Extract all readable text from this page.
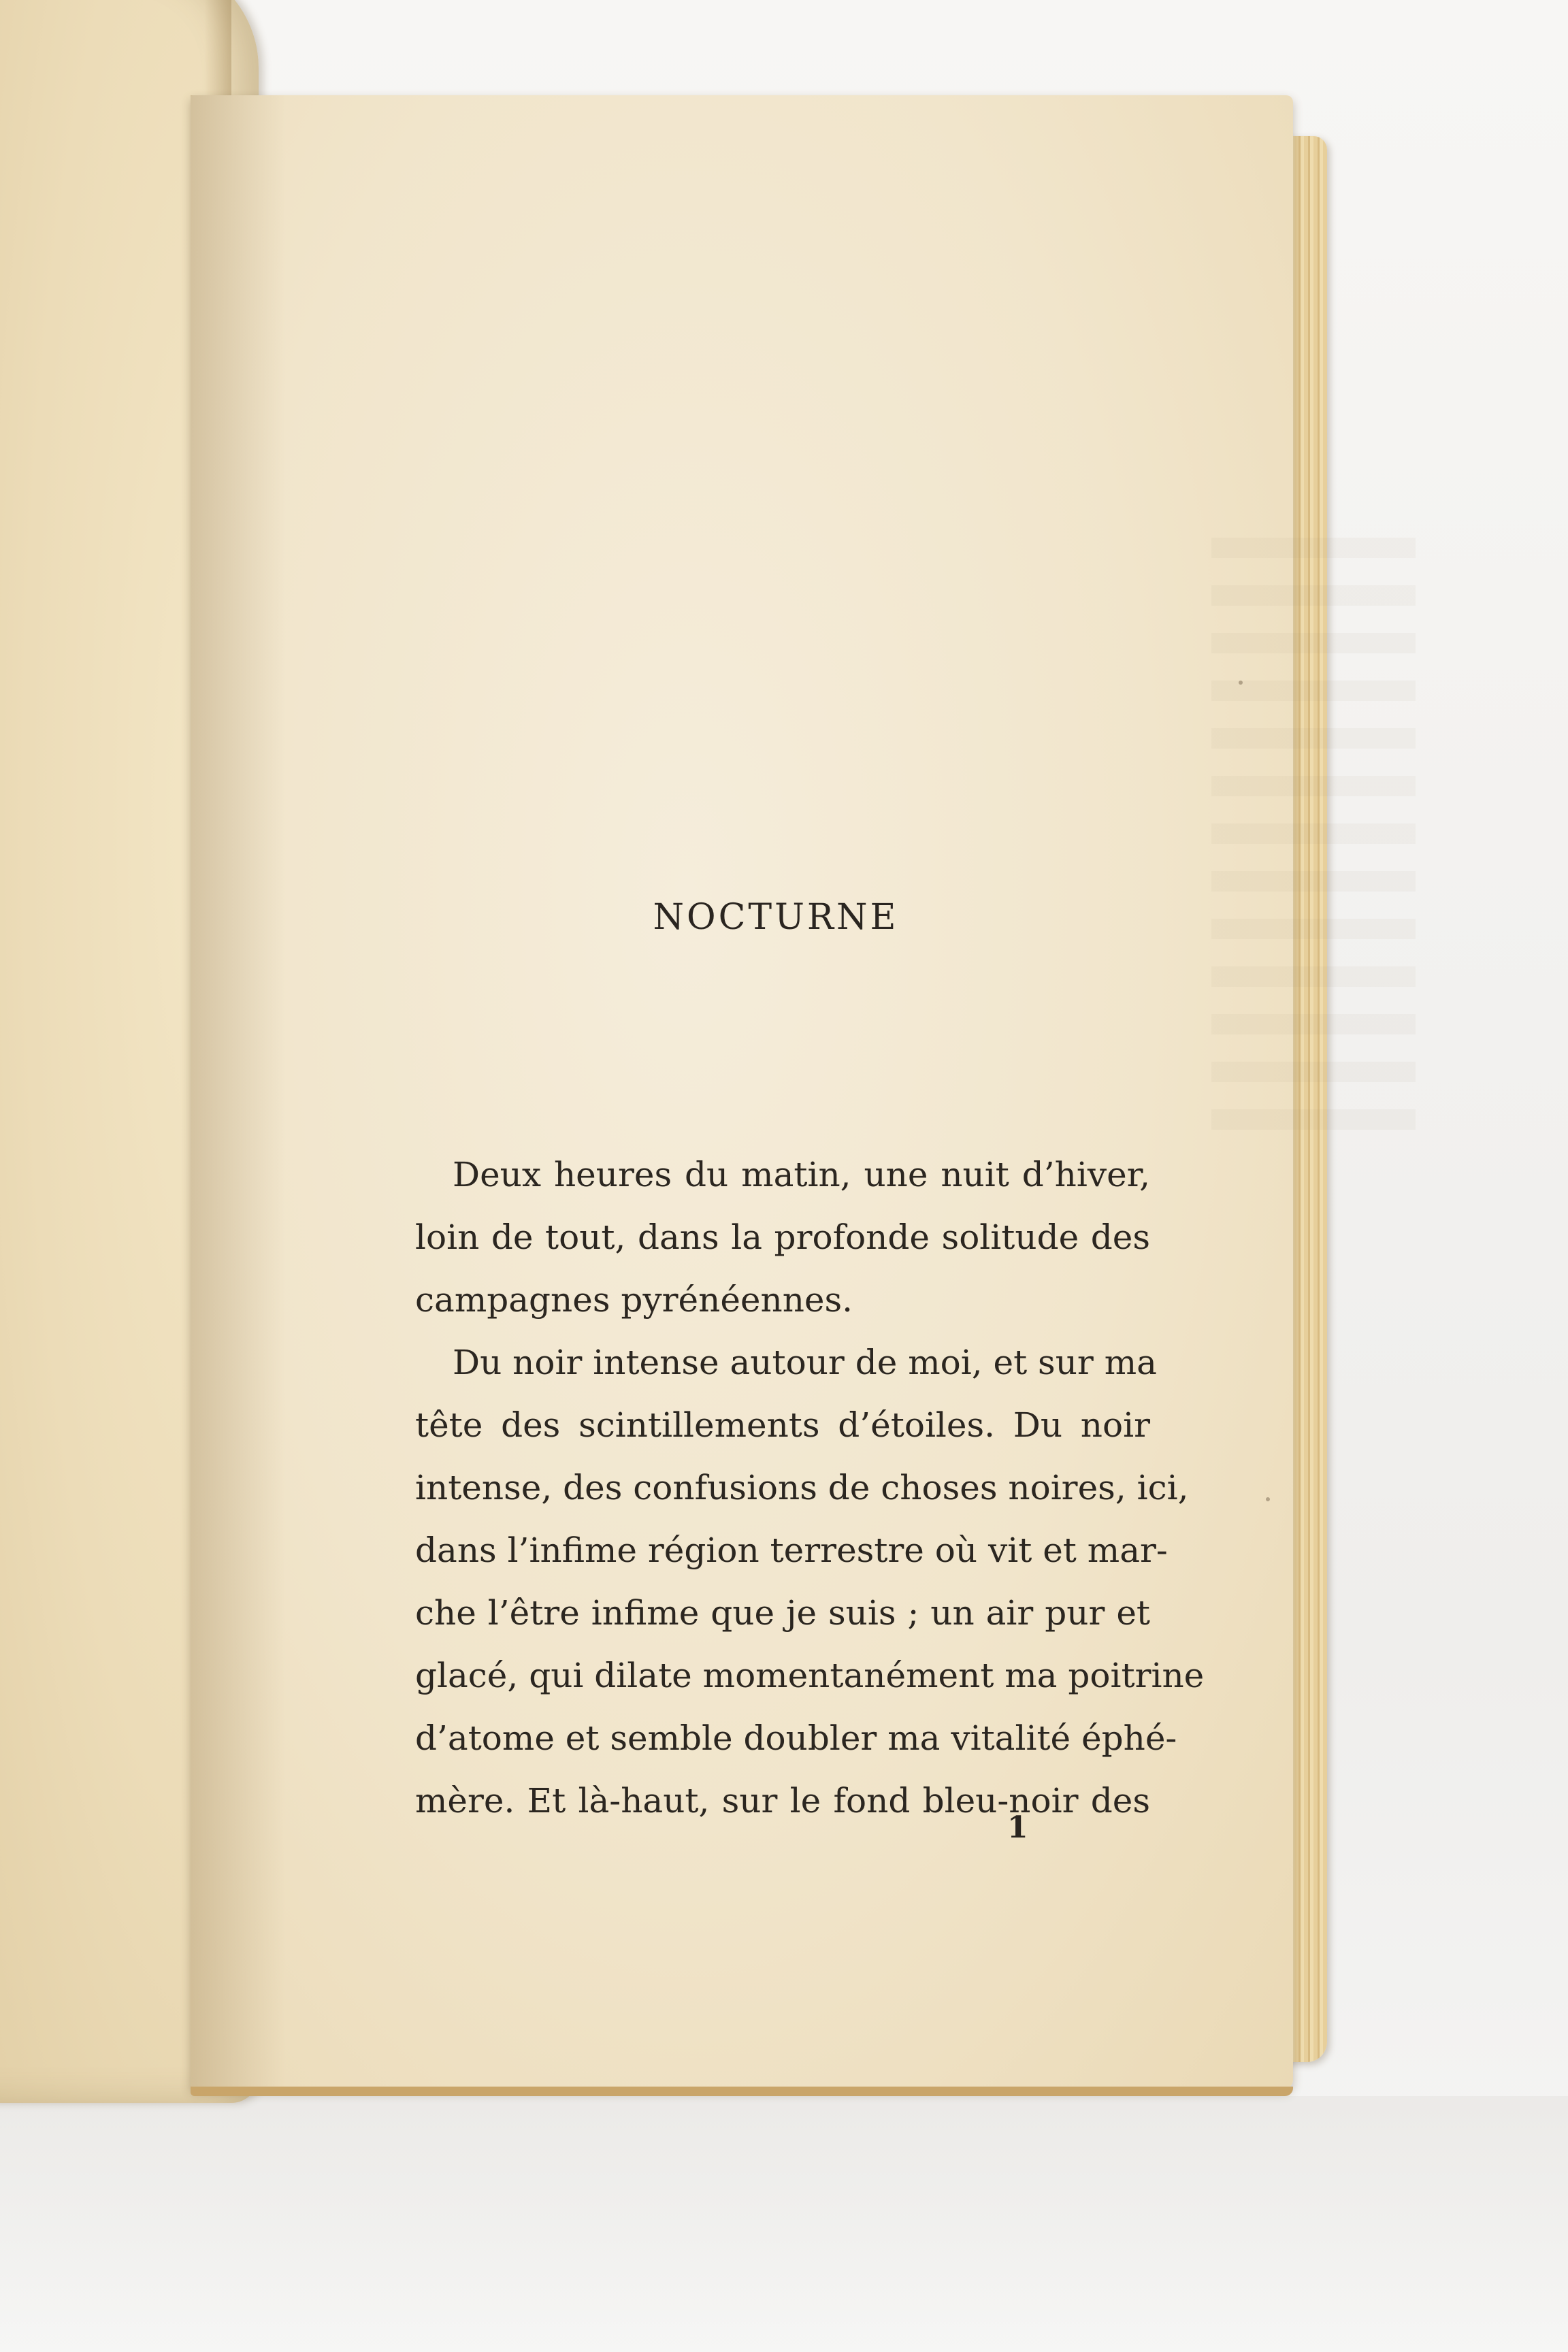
NOCTURNE
Deux heures du matin, une nuit d’hiver,
loin de tout, dans la profonde solitude des
campagnes pyrénéennes.
Du noir intense autour de moi, et sur ma
tête des scintillements d’étoiles. Du noir
intense, des confusions de choses noires, ici,
dans l’infime région terrestre où vit et mar-
che l’être infime que je suis ; un air pur et
glacé, qui dilate momentanément ma poitrine
d’atome et semble doubler ma vitalité éphé-
mère. Et là-haut, sur le fond bleu-noir des
1
